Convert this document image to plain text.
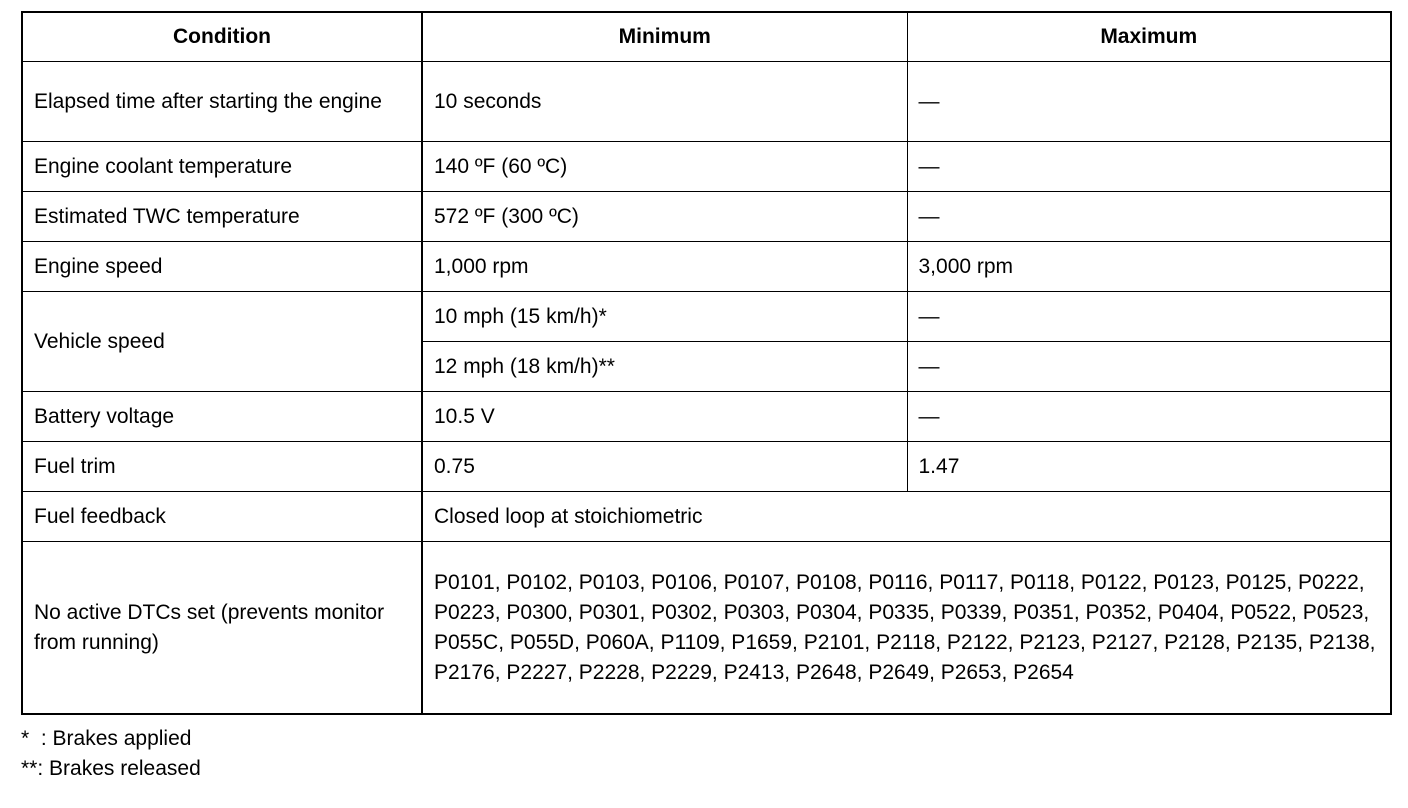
Condition	Minimum	Maximum
Elapsed time after starting the engine	10 seconds	—
Engine coolant temperature	140 ºF (60 ºC)	—
Estimated TWC temperature	572 ºF (300 ºC)	—
Engine speed	1,000 rpm	3,000 rpm
Vehicle speed	10 mph (15 km/h)*	—
	12 mph (18 km/h)**	—
Battery voltage	10.5 V	—
Fuel trim	0.75	1.47
Fuel feedback	Closed loop at stoichiometric	
No active DTCs set (prevents monitor from running)	P0101, P0102, P0103, P0106, P0107, P0108, P0116, P0117, P0118, P0122, P0123, P0125, P0222, P0223, P0300, P0301, P0302, P0303, P0304, P0335, P0339, P0351, P0352, P0404, P0522, P0523, P055C, P055D, P060A, P1109, P1659, P2101, P2118, P2122, P2123, P2127, P2128, P2135, P2138, P2176, P2227, P2228, P2229, P2413, P2648, P2649, P2653, P2654	
*  : Brakes applied
**: Brakes released
